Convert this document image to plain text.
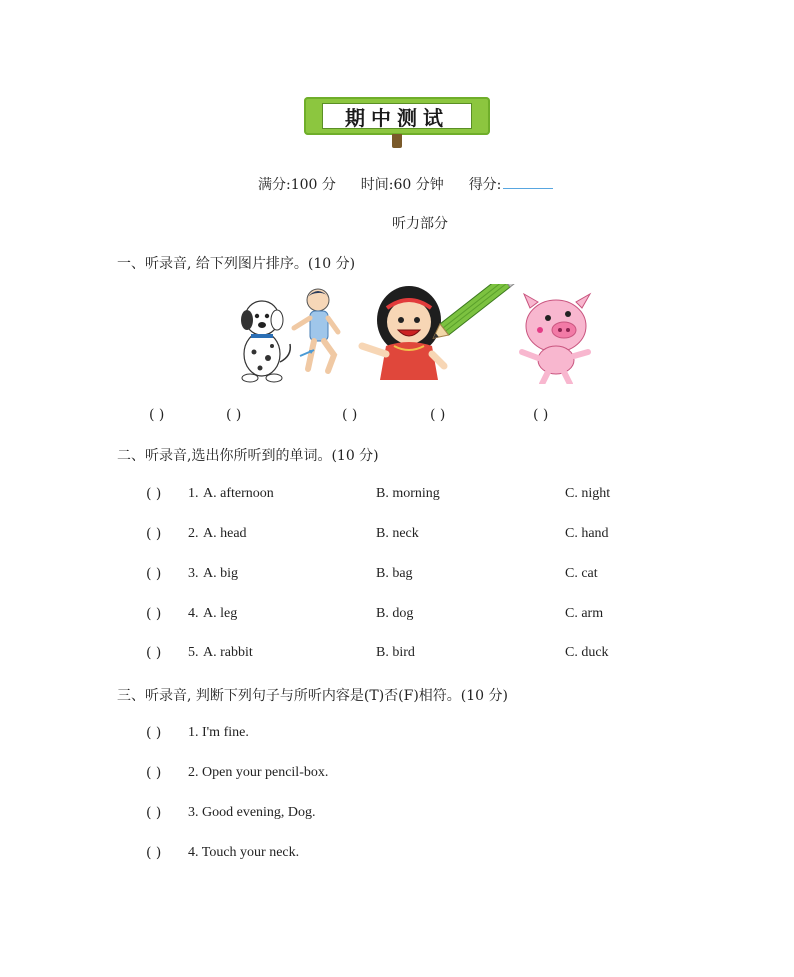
期中测试
满分:100 分 时间:60 分钟 得分:
听力部分
一、听录音, 给下列图片排序。(10 分)
( )	( )	( )	( )	( )
二、听录音,选出你所听到的单词。(10 分)
( ) 1. A. afternoon	B. morning	C. night
( ) 2. A. head	B. neck	C. hand
( ) 3. A. big	B. bag	C. cat
( ) 4. A. leg	B. dog	C. arm
( ) 5. A. rabbit	B. bird	C. duck
三、听录音, 判断下列句子与所听内容是(T)否(F)相符。(10 分)
( ) 1. I'm fine.
( ) 2. Open your pencil-box.
( ) 3. Good evening, Dog.
( ) 4. Touch your neck.
